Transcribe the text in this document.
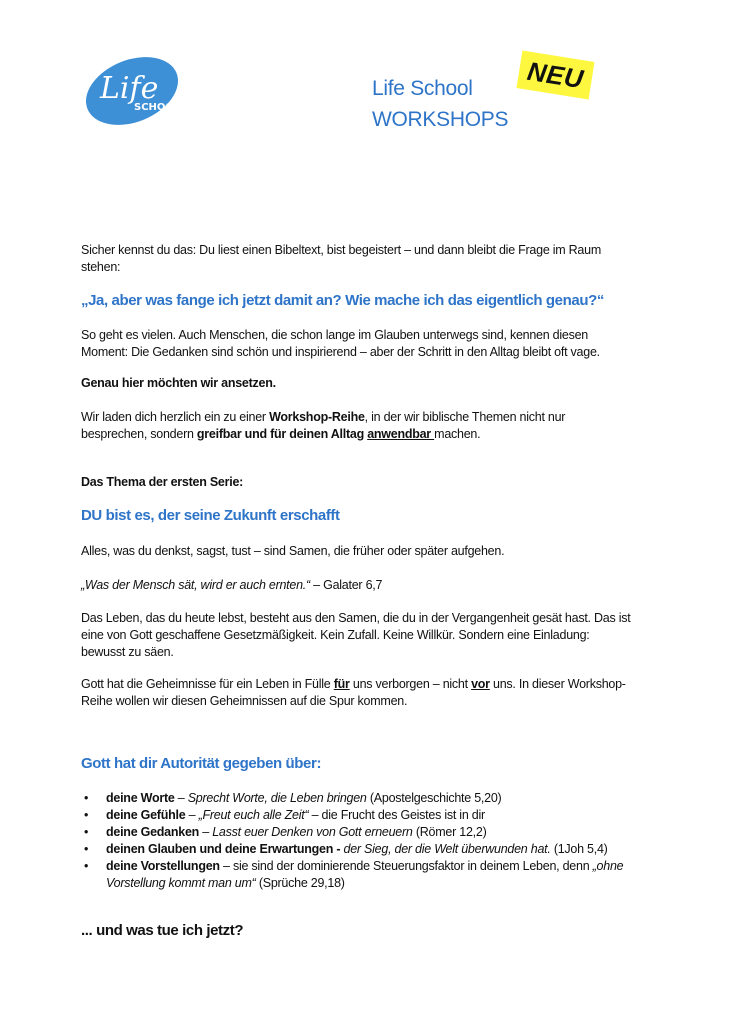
Life
SCHOOL
Life School
WORKSHOPS
NEU
Sicher kennst du das: Du liest einen Bibeltext, bist begeistert – und dann bleibt die Frage im Raum
stehen:
„Ja, aber was fange ich jetzt damit an? Wie mache ich das eigentlich genau?“
So geht es vielen. Auch Menschen, die schon lange im Glauben unterwegs sind, kennen diesen
Moment: Die Gedanken sind schön und inspirierend – aber der Schritt in den Alltag bleibt oft vage.
Genau hier möchten wir ansetzen.
Wir laden dich herzlich ein zu einer Workshop-Reihe, in der wir biblische Themen nicht nur
besprechen, sondern greifbar und für deinen Alltag anwendbar machen.
Das Thema der ersten Serie:
DU bist es, der seine Zukunft erschafft
Alles, was du denkst, sagst, tust – sind Samen, die früher oder später aufgehen.
„Was der Mensch sät, wird er auch ernten.“ – Galater 6,7
Das Leben, das du heute lebst, besteht aus den Samen, die du in der Vergangenheit gesät hast. Das ist
eine von Gott geschaffene Gesetzmäßigkeit. Kein Zufall. Keine Willkür. Sondern eine Einladung:
bewusst zu säen.
Gott hat die Geheimnisse für ein Leben in Fülle für uns verborgen – nicht vor uns. In dieser Workshop-
Reihe wollen wir diesen Geheimnissen auf die Spur kommen.
Gott hat dir Autorität gegeben über:
• deine Worte – Sprecht Worte, die Leben bringen (Apostelgeschichte 5,20)
• deine Gefühle – „Freut euch alle Zeit“ – die Frucht des Geistes ist in dir
• deine Gedanken – Lasst euer Denken von Gott erneuern (Römer 12,2)
• deinen Glauben und deine Erwartungen - der Sieg, der die Welt überwunden hat. (1Joh 5,4)
• deine Vorstellungen – sie sind der dominierende Steuerungsfaktor in deinem Leben, denn „ohne Vorstellung kommt man um“ (Sprüche 29,18)
... und was tue ich jetzt?
